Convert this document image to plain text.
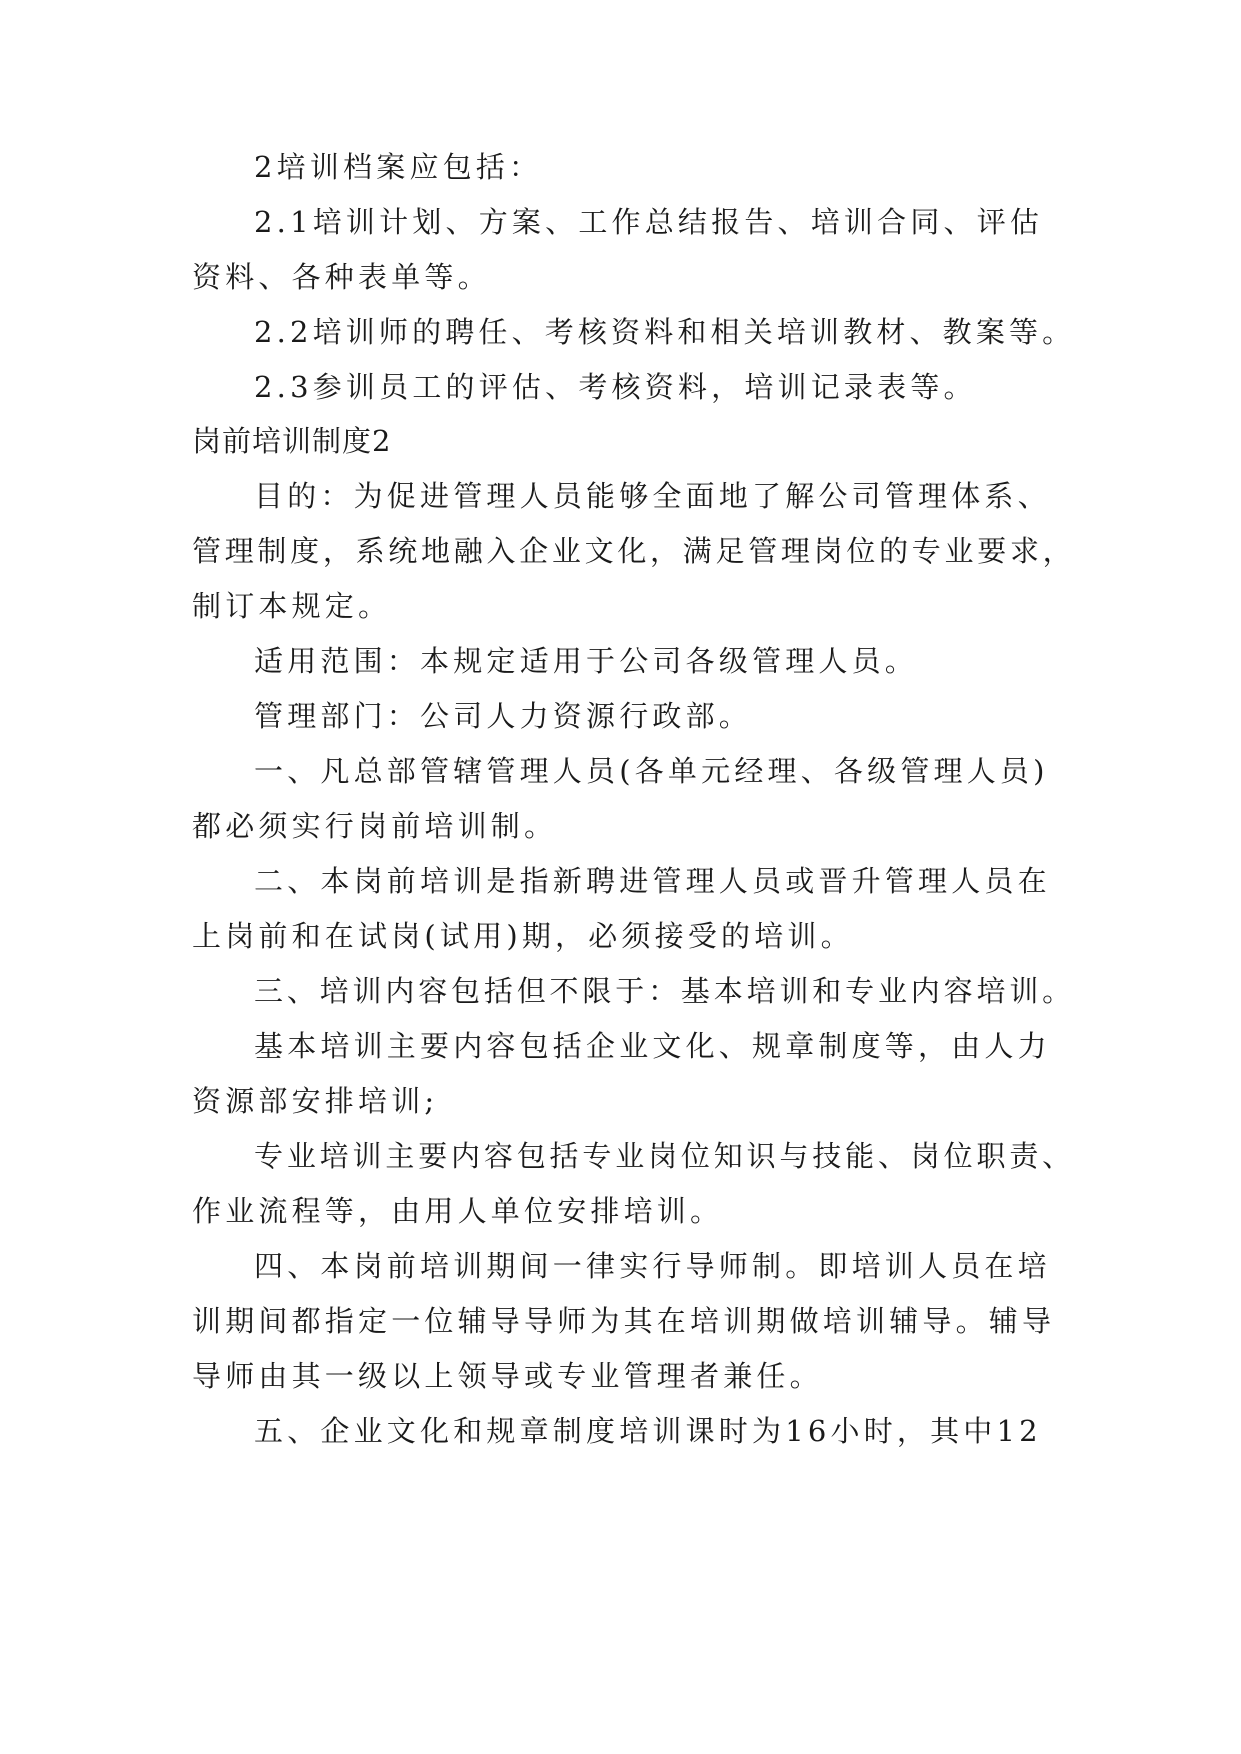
2培训档案应包括：
2.1培训计划、方案、工作总结报告、培训合同、评估
资料、各种表单等。
2.2培训师的聘任、考核资料和相关培训教材、教案等。
2.3参训员工的评估、考核资料，培训记录表等。
岗前培训制度2
目的：为促进管理人员能够全面地了解公司管理体系、
管理制度，系统地融入企业文化，满足管理岗位的专业要求，
制订本规定。
适用范围：本规定适用于公司各级管理人员。
管理部门：公司人力资源行政部。
一、凡总部管辖管理人员(各单元经理、各级管理人员)
都必须实行岗前培训制。
二、本岗前培训是指新聘进管理人员或晋升管理人员在
上岗前和在试岗(试用)期，必须接受的培训。
三、培训内容包括但不限于：基本培训和专业内容培训。
基本培训主要内容包括企业文化、规章制度等，由人力
资源部安排培训;
专业培训主要内容包括专业岗位知识与技能、岗位职责、
作业流程等，由用人单位安排培训。
四、本岗前培训期间一律实行导师制。即培训人员在培
训期间都指定一位辅导导师为其在培训期做培训辅导。辅导
导师由其一级以上领导或专业管理者兼任。
五、企业文化和规章制度培训课时为16小时，其中12
